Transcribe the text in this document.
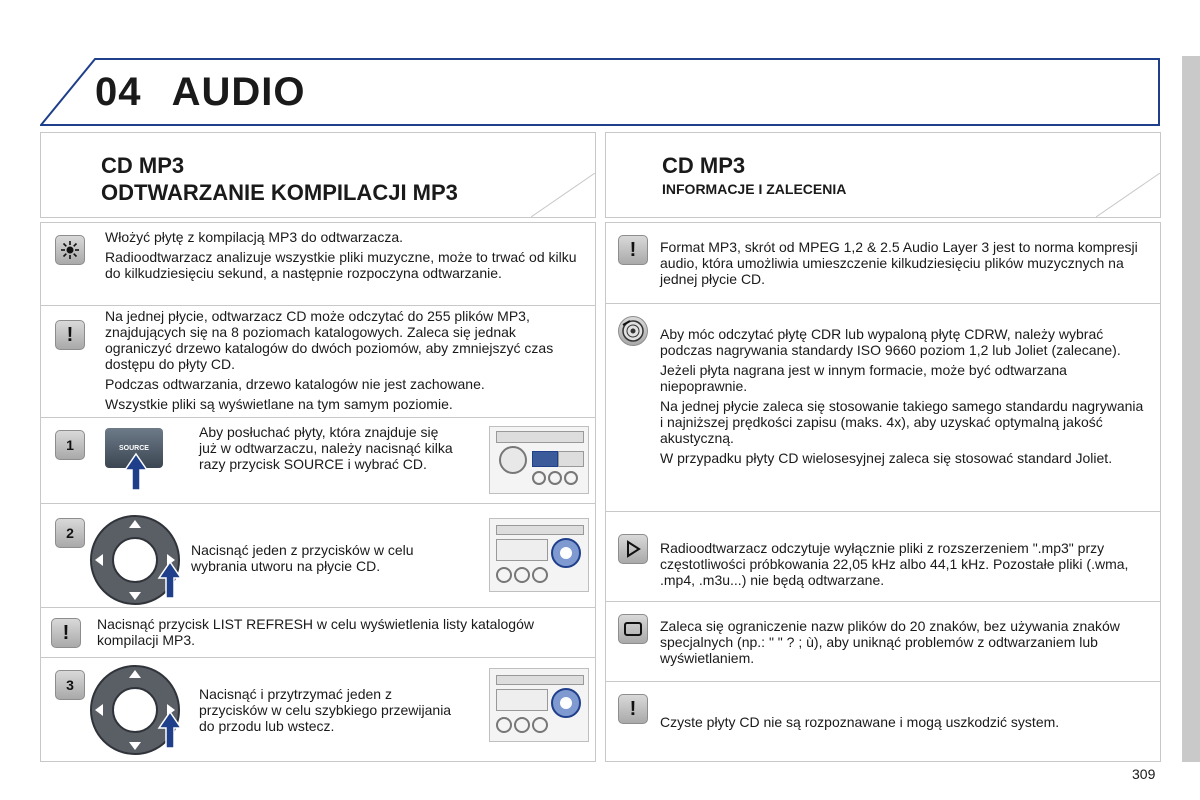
04 AUDIO
CD MP3
ODTWARZANIE KOMPILACJI MP3

Włożyć płytę z kompilacją MP3 do odtwarzacza.

Radioodtwarzacz analizuje wszystkie pliki muzyczne, może to trwać od kilku do kilkudziesięciu sekund, a następnie rozpoczyna odtwarzanie.

!

Na jednej płycie, odtwarzacz CD może odczytać do 255 plików MP3, znajdujących się na 8 poziomach katalogowych. Zaleca się jednak ograniczyć drzewo katalogów do dwóch poziomów, aby zmniejszyć czas dostępu do płyty CD.

Podczas odtwarzania, drzewo katalogów nie jest zachowane.

Wszystkie pliki są wyświetlane na tym samym poziomie.

1	SOURCE
Aby posłuchać płyty, która znajduje się już w odtwarzaczu, należy nacisnąć kilka razy przycisk SOURCE i wybrać CD.
2
Nacisnąć jeden z przycisków w celu wybrania utworu na płycie CD.
!	Nacisnąć przycisk LIST REFRESH w celu wyświetlenia listy katalogów kompilacji MP3.
3
Nacisnąć i przytrzymać jeden z przycisków w celu szybkiego przewijania do przodu lub wstecz.
CD MP3
INFORMACJE I ZALECENIA
!	Format MP3, skrót od MPEG 1,2 & 2.5 Audio Layer 3 jest to norma kompresji audio, która umożliwia umieszczenie kilkudziesięciu plików muzycznych na jednej płycie CD.

Aby móc odczytać płytę CDR lub wypaloną płytę CDRW, należy wybrać podczas nagrywania standardy ISO 9660 poziom 1,2 lub Joliet (zalecane).

Jeżeli płyta nagrana jest w innym formacie, może być odtwarzana niepoprawnie.

Na jednej płycie zaleca się stosowanie takiego samego standardu nagrywania i najniższej prędkości zapisu (maks. 4x), aby uzyskać optymalną jakość akustyczną.

W przypadku płyty CD wielosesyjnej zaleca się stosować standard Joliet.

Radioodtwarzacz odczytuje wyłącznie pliki z rozszerzeniem ".mp3" przy częstotliwości próbkowania 22,05 kHz albo 44,1 kHz. Pozostałe pliki (.wma, .mp4, .m3u...) nie będą odtwarzane.
Zaleca się ograniczenie nazw plików do 20 znaków, bez używania znaków specjalnych (np.: " " ? ; ù), aby uniknąć problemów z odtwarzaniem lub wyświetlaniem.
!
Czyste płyty CD nie są rozpoznawane i mogą uszkodzić system.
309
